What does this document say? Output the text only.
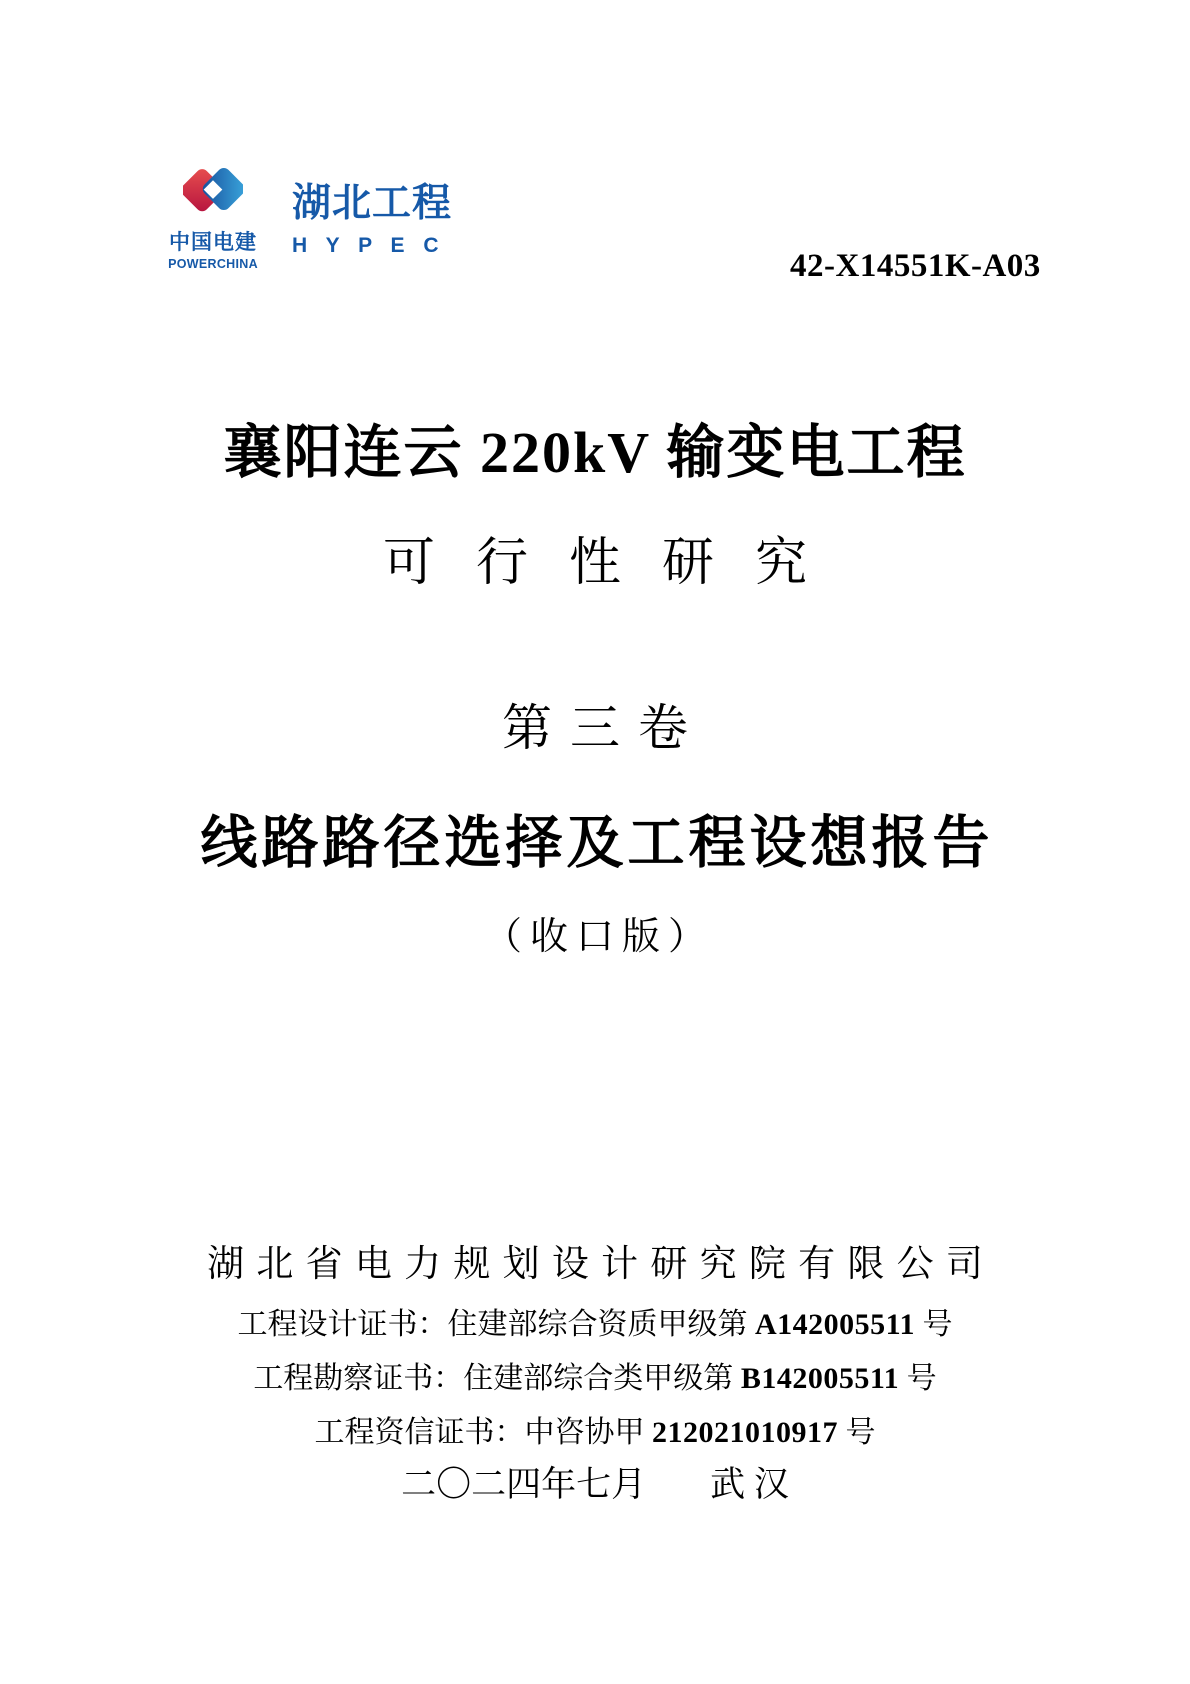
中国电建
POWERCHINA
湖北工程
H Y P E C
42-X14551K-A03
襄阳连云 220kV 输变电工程
可 行 性 研 究
第三卷
线路路径选择及工程设想报告
（收口版）
湖 北 省 电 力 规 划 设 计 研 究 院 有 限 公 司
工程设计证书：住建部综合资质甲级第 A142005511 号
工程勘察证书：住建部综合类甲级第 B142005511 号
工程资信证书：中咨协甲 212021010917 号
二〇二四年七月 武 汉
